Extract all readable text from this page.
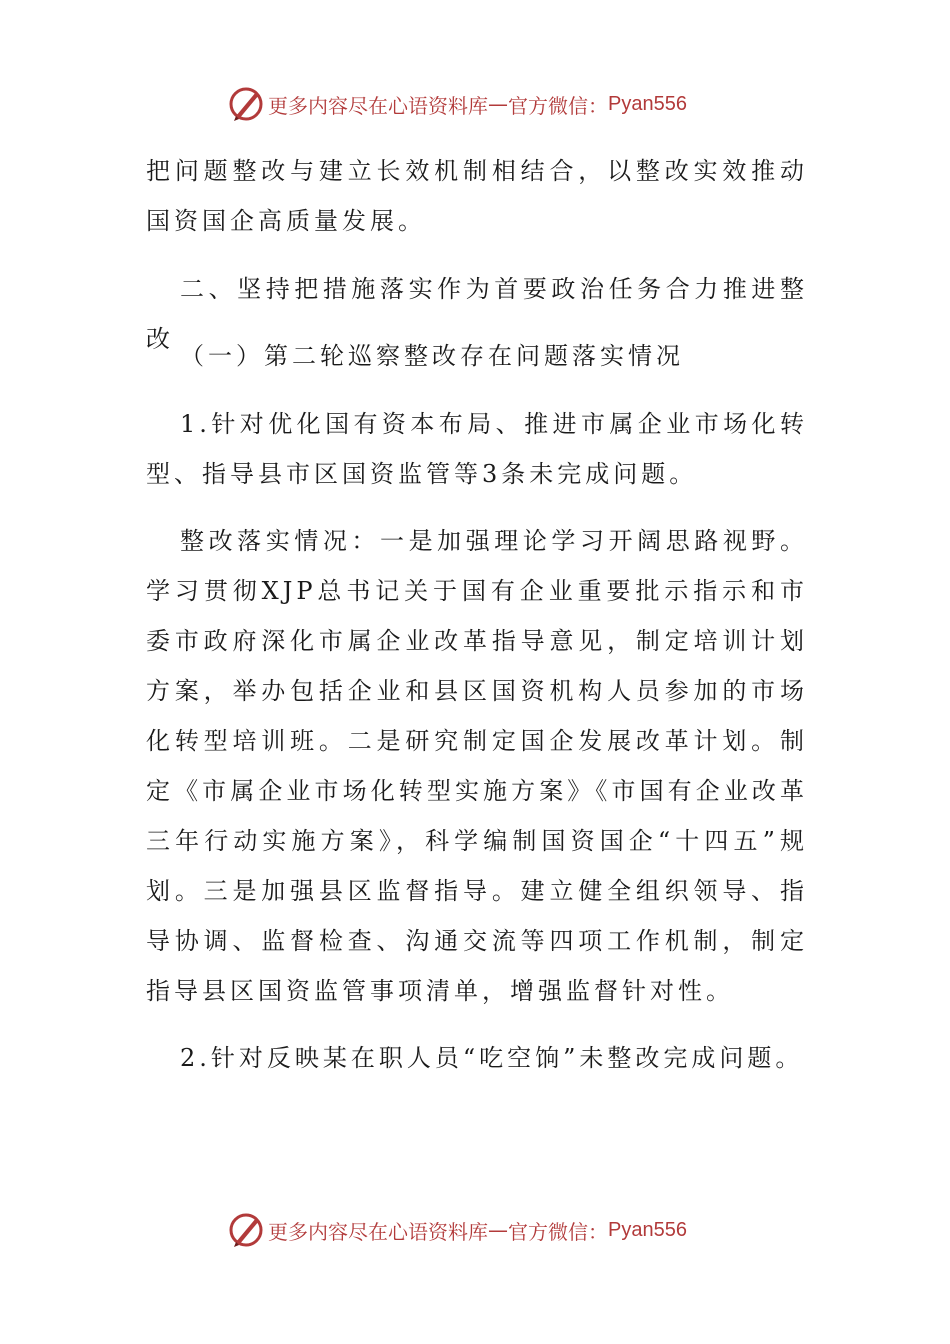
更多内容尽在心语资料库 — 官方微信： Pyan556

把问题整改与建立长效机制相结合，以整改实效推动国资国企高质量发展。

二、坚持把措施落实作为首要政治任务合力推进整改

（一）第二轮巡察整改存在问题落实情况

1.针对优化国有资本布局、推进市属企业市场化转型、指导县市区国资监管等3条未完成问题。

整改落实情况：一是加强理论学习开阔思路视野。学习贯彻XJP总书记关于国有企业重要批示指示和市委市政府深化市属企业改革指导意见，制定培训计划方案，举办包括企业和县区国资机构人员参加的市场化转型培训班。二是研究制定国企发展改革计划。制定《市属企业市场化转型实施方案》《市国有企业改革三年行动实施方案》，科学编制国资国企“十四五”规划。三是加强县区监督指导。建立健全组织领导、指导协调、监督检查、沟通交流等四项工作机制，制定指导县区国资监管事项清单，增强监督针对性。

2.针对反映某在职人员“吃空饷”未整改完成问题。

更多内容尽在心语资料库 — 官方微信： Pyan556
